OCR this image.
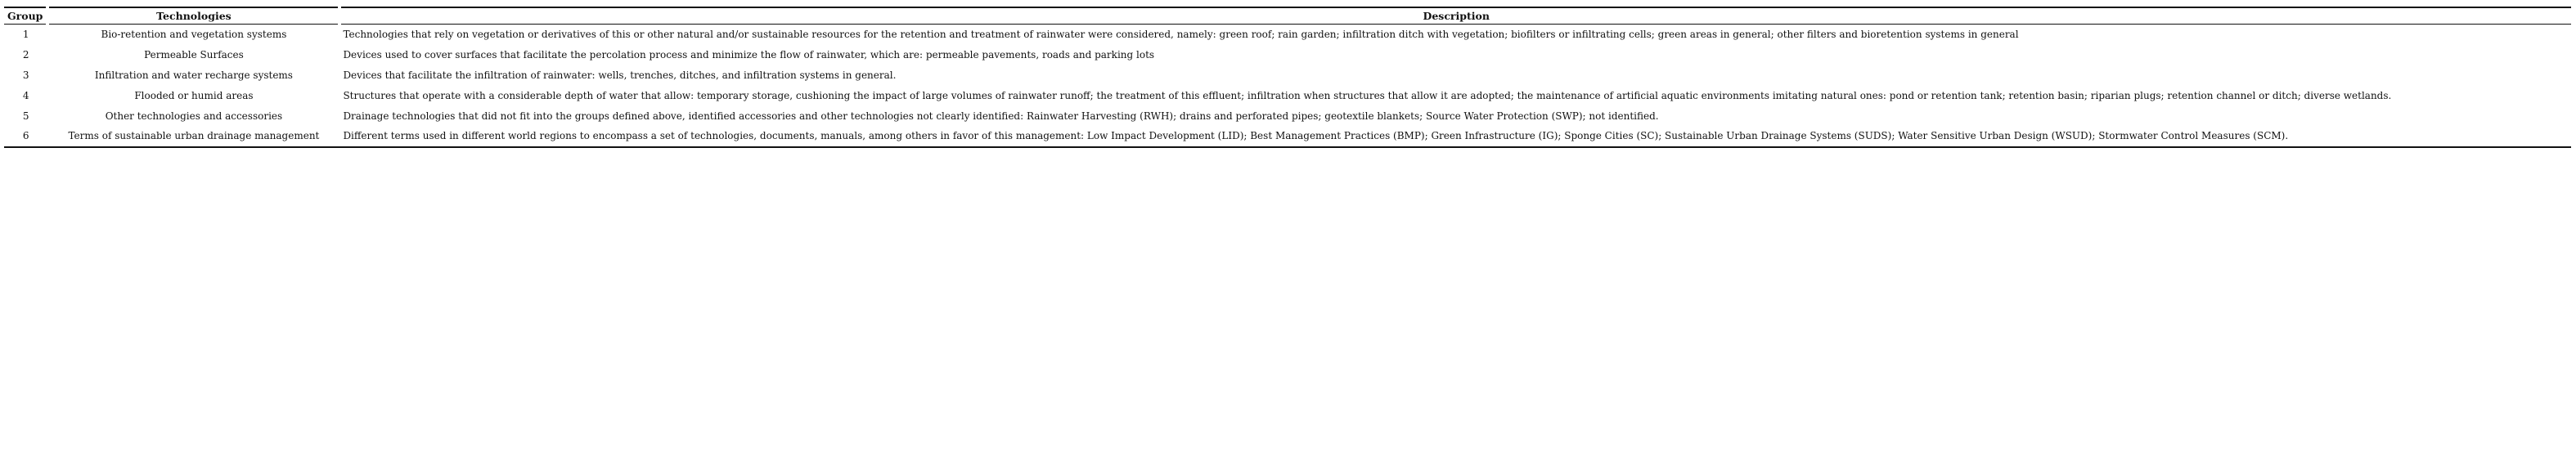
Group	Technologies	Description
1	Bio-retention and vegetation systems	Technologies that rely on vegetation or derivatives of this or other natural and/or sustainable resources for the retention and treatment of rainwater were considered, namely: green roof; rain garden; infiltration ditch with vegetation; biofilters or infiltrating cells; green areas in general; other filters and bioretention systems in general
2	Permeable Surfaces	Devices used to cover surfaces that facilitate the percolation process and minimize the flow of rainwater, which are: permeable pavements, roads and parking lots
3	Infiltration and water recharge systems	Devices that facilitate the infiltration of rainwater: wells, trenches, ditches, and infiltration systems in general.
4	Flooded or humid areas	Structures that operate with a considerable depth of water that allow: temporary storage, cushioning the impact of large volumes of rainwater runoff; the treatment of this effluent; infiltration when structures that allow it are adopted; the maintenance of artificial aquatic environments imitating natural ones: pond or retention tank; retention basin; riparian plugs; retention channel or ditch; diverse wetlands.
5	Other technologies and accessories	Drainage technologies that did not fit into the groups defined above, identified accessories and other technologies not clearly identified: Rainwater Harvesting (RWH); drains and perforated pipes; geotextile blankets; Source Water Protection (SWP); not identified.
6	Terms of sustainable urban drainage management	Different terms used in different world regions to encompass a set of technologies, documents, manuals, among others in favor of this management: Low Impact Development (LID); Best Management Practices (BMP); Green Infrastructure (IG); Sponge Cities (SC); Sustainable Urban Drainage Systems (SUDS); Water Sensitive Urban Design (WSUD); Stormwater Control Measures (SCM).
